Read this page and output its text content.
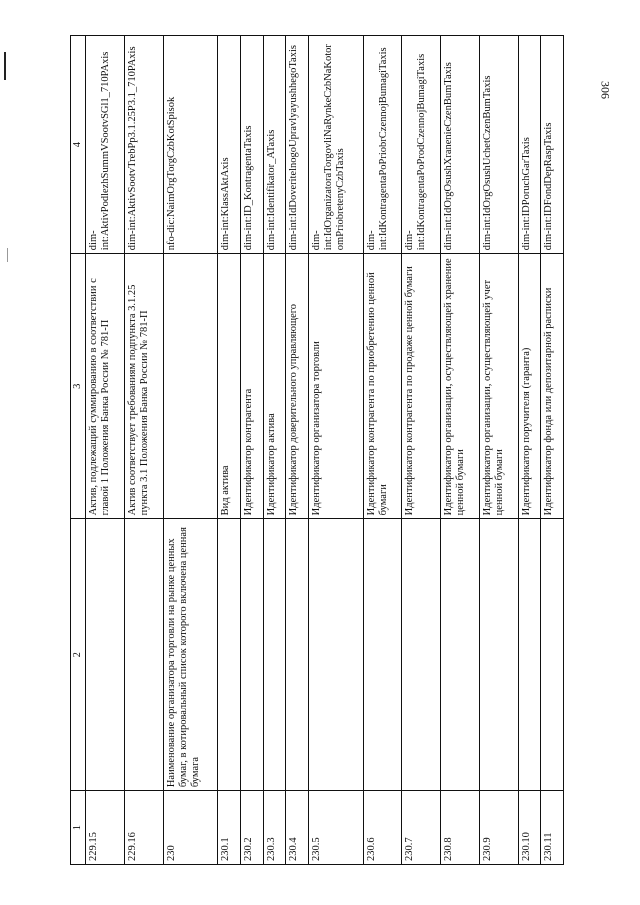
306
1	2	3	4
229.15		Актив, подлежащий суммированию в соответствии с главой 1 Положения Банка России № 781-П	dim-int:AktivPodlezhSummVSootvSGl1_710PAxis
229.16		Актив соответствует требованиям подпункта 3.1.25 пункта 3.1 Положения Банка России № 781-П	dim-int:AktivSootvTrebPp3.1.25P3.1_710PAxis
230	Наименование организатора торговли на рынке ценных бумаг, в котировальный список которого включена ценная бумага		nfo-dic:NaimOrgTorgCzbKotSpisok
230.1		Вид актива	dim-int:KlassAktAxis
230.2		Идентификатор контрагента	dim-int:ID_KontragentaTaxis
230.3		Идентификатор актива	dim-int:Identifikator_ATaxis
230.4		Идентификатор доверительного управляющего	dim-int:IdDoveritelnogoUpravlyayushhegoTaxis
230.5		Идентификатор организатора торговли	dim-int:IdOrganizatoraTorgovliNaRynkeCzbNaKotoromPriobretenyCzbTaxis
230.6		Идентификатор контрагента по приобретению ценной бумаги	dim-int:IdKontragentaPoPriobrCzennojBumagiTaxis
230.7		Идентификатор контрагента по продаже ценной бумаги	dim-int:IdKontragentaPoProdCzennojBumagiTaxis
230.8		Идентификатор организации, осуществляющей хранение ценной бумаги	dim-int:IdOrgOsushXranenieCzenBumTaxis
230.9		Идентификатор организации, осуществляющей учет ценной бумаги	dim-int:IdOrgOsushUchetCzenBumTaxis
230.10		Идентификатор поручителя (гаранта)	dim-int:IDPoruchGarTaxis
230.11		Идентификатор фонда или депозитарной расписки	dim-int:IDFondDepRaspTaxis
